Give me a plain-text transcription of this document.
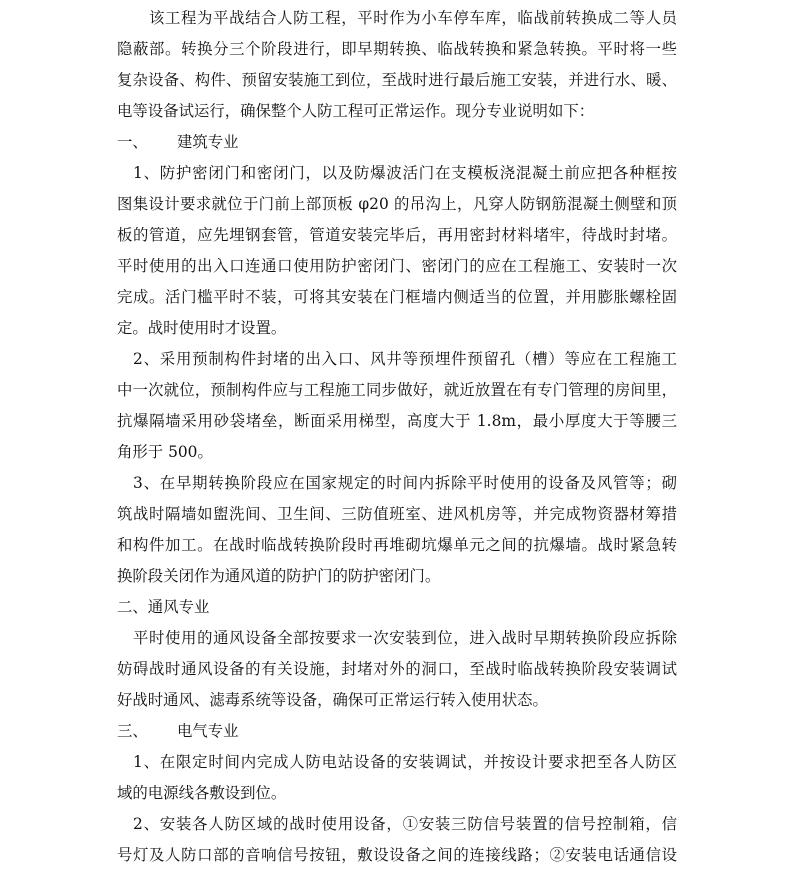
该工程为平战结合人防工程，平时作为小车停车库，临战前转换成二等人员
隐蔽部。转换分三个阶段进行，即早期转换、临战转换和紧急转换。平时将一些
复杂设备、构件、预留安装施工到位，至战时进行最后施工安装，并进行水、暖、
电等设备试运行，确保整个人防工程可正常运作。现分专业说明如下：
一、 建筑专业
1、防护密闭门和密闭门，以及防爆波活门在支模板浇混凝土前应把各种框按
图集设计要求就位于门前上部顶板 φ20 的吊沟上，凡穿人防钢筋混凝土侧壁和顶
板的管道，应先埋钢套管，管道安装完毕后，再用密封材料堵牢，待战时封堵。
平时使用的出入口连通口使用防护密闭门、密闭门的应在工程施工、安装时一次
完成。活门槛平时不装，可将其安装在门框墙内侧适当的位置，并用膨胀螺栓固
定。战时使用时才设置。
2、采用预制构件封堵的出入口、风井等预埋件预留孔（槽）等应在工程施工
中一次就位，预制构件应与工程施工同步做好，就近放置在有专门管理的房间里，
抗爆隔墙采用砂袋堵垒，断面采用梯型，高度大于 1.8m，最小厚度大于等腰三
角形于 500。
3、在早期转换阶段应在国家规定的时间内拆除平时使用的设备及风管等；砌
筑战时隔墙如盥洗间、卫生间、三防值班室、进风机房等，并完成物资器材筹措
和构件加工。在战时临战转换阶段时再堆砌坑爆单元之间的抗爆墙。战时紧急转
换阶段关闭作为通风道的防护门的防护密闭门。
二、通风专业
平时使用的通风设备全部按要求一次安装到位，进入战时早期转换阶段应拆除
妨碍战时通风设备的有关设施，封堵对外的洞口，至战时临战转换阶段安装调试
好战时通风、滤毒系统等设备，确保可正常运行转入使用状态。
三、 电气专业
1、在限定时间内完成人防电站设备的安装调试，并按设计要求把至各人防区
域的电源线各敷设到位。
2、安装各人防区域的战时使用设备，①安装三防信号装置的信号控制箱，信
号灯及人防口部的音响信号按钮，敷设设备之间的连接线路；②安装电话通信设
